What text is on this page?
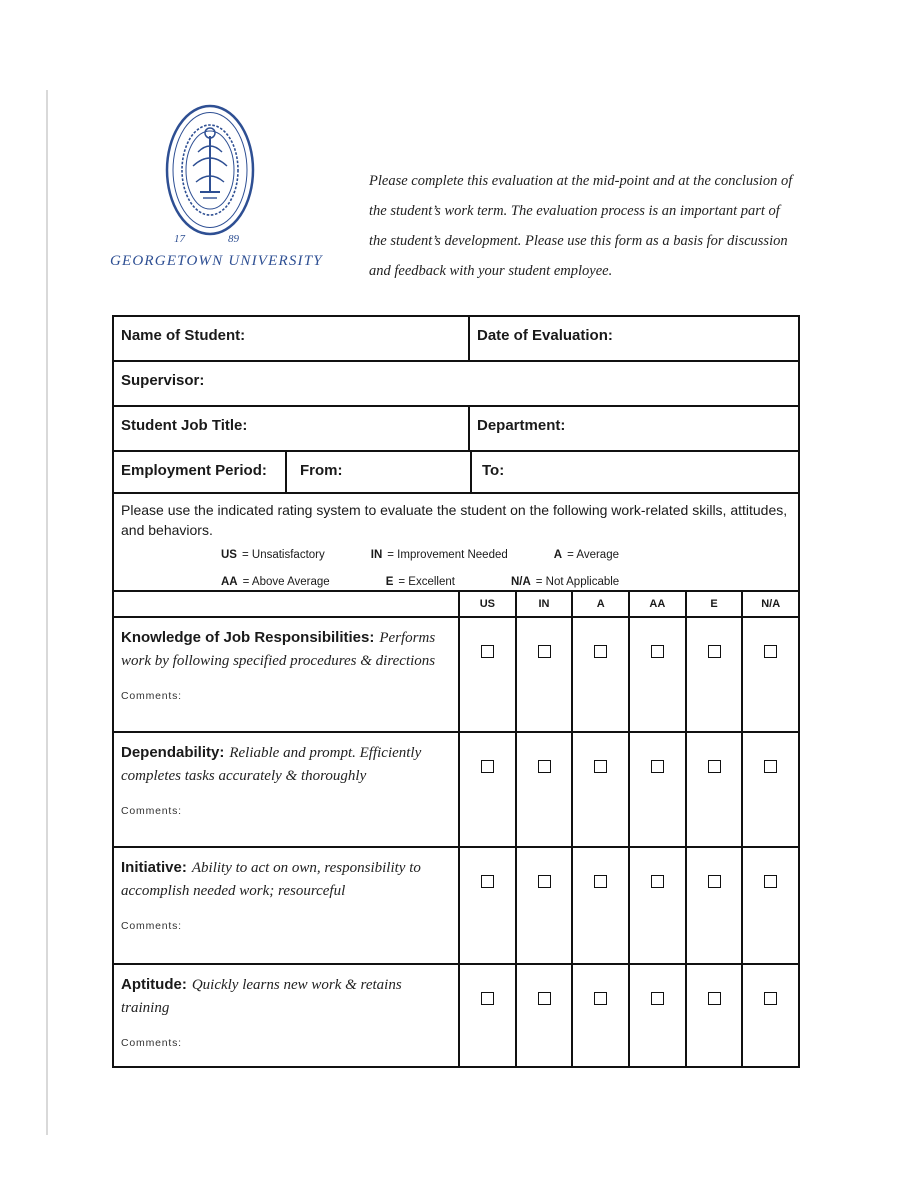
17	89
GEORGETOWN UNIVERSITY
Please complete this evaluation at the mid-point and at the conclusion of
the student’s work term. The evaluation process is an important part of
the student’s development. Please use this form as a basis for discussion
and feedback with your student employee.
Name of Student:	Date of Evaluation:
Supervisor:
Student Job Title:	Department:
Employment Period:	From:	To:
Please use the indicated rating system to evaluate the student on the following work-related skills, attitudes, and behaviors.
US = Unsatisfactory	IN = Improvement Needed	A = Average
AA = Above Average	E = Excellent	N/A = Not Applicable
US	IN	A	AA	E	N/A
Knowledge of Job Responsibilities: Performs work by following specified procedures & directions
Comments:
Dependability: Reliable and prompt. Efficiently completes tasks accurately & thoroughly
Comments:
Initiative: Ability to act on own, responsibility to accomplish needed work; resourceful
Comments:
Aptitude: Quickly learns new work & retains training
Comments:
